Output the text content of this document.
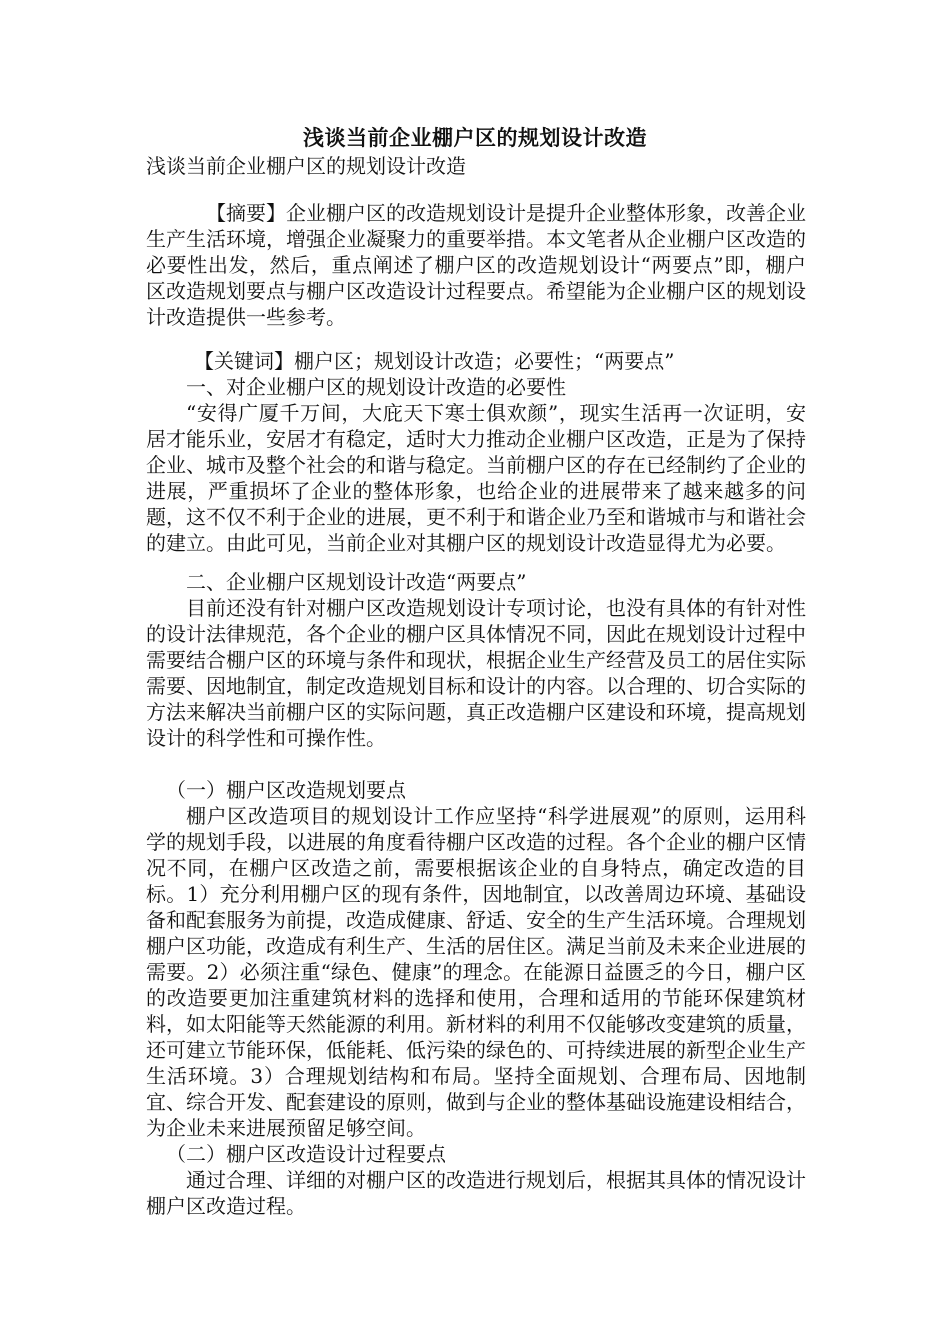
浅谈当前企业棚户区的规划设计改造

浅谈当前企业棚户区的规划设计改造

【摘要】企业棚户区的改造规划设计是提升企业整体形象，改善企业生产生活环境，增强企业凝聚力的重要举措。本文笔者从企业棚户区改造的必要性出发，然后，重点阐述了棚户区的改造规划设计“两要点”即，棚户区改造规划要点与棚户区改造设计过程要点。希望能为企业棚户区的规划设计改造提供一些参考。

【关键词】棚户区；规划设计改造；必要性；“两要点”

一、对企业棚户区的规划设计改造的必要性

“安得广厦千万间，大庇天下寒士俱欢颜”，现实生活再一次证明，安居才能乐业，安居才有稳定，适时大力推动企业棚户区改造，正是为了保持企业、城市及整个社会的和谐与稳定。当前棚户区的存在已经制约了企业的进展，严重损坏了企业的整体形象，也给企业的进展带来了越来越多的问题，这不仅不利于企业的进展，更不利于和谐企业乃至和谐城市与和谐社会的建立。由此可见，当前企业对其棚户区的规划设计改造显得尤为必要。

二、企业棚户区规划设计改造“两要点”

目前还没有针对棚户区改造规划设计专项讨论，也没有具体的有针对性的设计法律规范，各个企业的棚户区具体情况不同，因此在规划设计过程中需要结合棚户区的环境与条件和现状，根据企业生产经营及员工的居住实际需要、因地制宜，制定改造规划目标和设计的内容。以合理的、切合实际的方法来解决当前棚户区的实际问题，真正改造棚户区建设和环境，提高规划设计的科学性和可操作性。

（一）棚户区改造规划要点

棚户区改造项目的规划设计工作应坚持“科学进展观”的原则，运用科学的规划手段，以进展的角度看待棚户区改造的过程。各个企业的棚户区情况不同，在棚户区改造之前，需要根据该企业的自身特点，确定改造的目标。1）充分利用棚户区的现有条件，因地制宜，以改善周边环境、基础设备和配套服务为前提，改造成健康、舒适、安全的生产生活环境。合理规划棚户区功能，改造成有利生产、生活的居住区。满足当前及未来企业进展的需要。2）必须注重“绿色、健康”的理念。在能源日益匮乏的今日，棚户区的改造要更加注重建筑材料的选择和使用，合理和适用的节能环保建筑材料，如太阳能等天然能源的利用。新材料的利用不仅能够改变建筑的质量，还可建立节能环保，低能耗、低污染的绿色的、可持续进展的新型企业生产生活环境。3）合理规划结构和布局。坚持全面规划、合理布局、因地制宜、综合开发、配套建设的原则，做到与企业的整体基础设施建设相结合，为企业未来进展预留足够空间。

（二）棚户区改造设计过程要点

通过合理、详细的对棚户区的改造进行规划后，根据其具体的情况设计棚户区改造过程。
